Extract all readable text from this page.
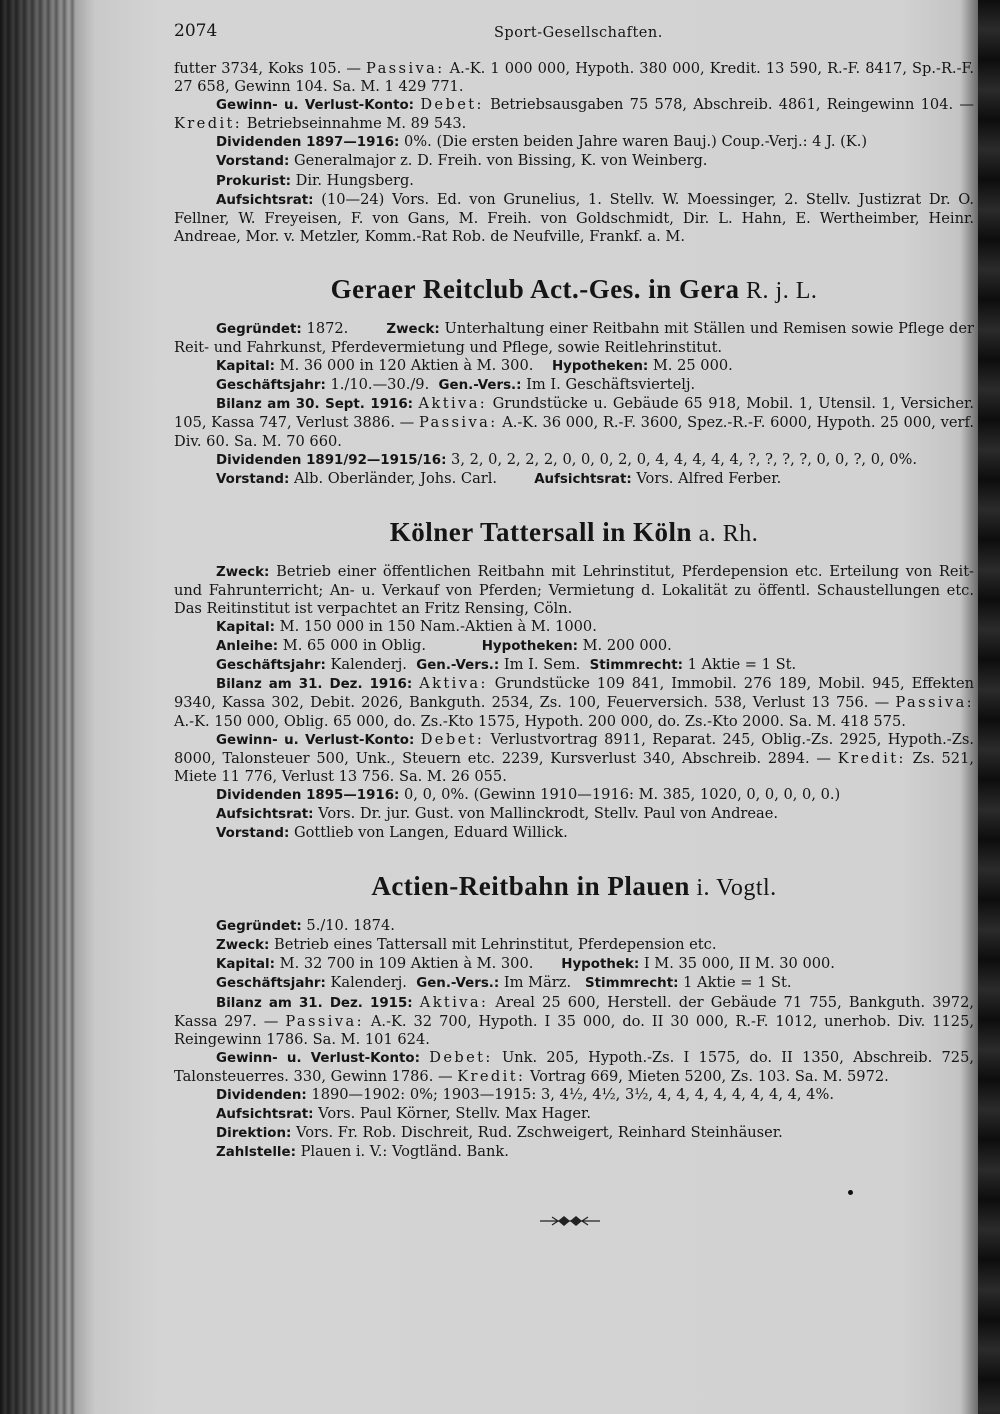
2074	Sport-Gesellschaften.

futter 3734, Koks 105. — Passiva: A.-K. 1 000 000, Hypoth. 380 000, Kredit. 13 590, R.-F. 8417, Sp.-R.-F. 27 658, Gewinn 104. Sa. M. 1 429 771.

Gewinn- u. Verlust-Konto: Debet: Betriebsausgaben 75 578, Abschreib. 4861, Reingewinn 104. — Kredit: Betriebseinnahme M. 89 543.

Dividenden 1897—1916: 0%. (Die ersten beiden Jahre waren Bauj.) Coup.-Verj.: 4 J. (K.)

Vorstand: Generalmajor z. D. Freih. von Bissing, K. von Weinberg.

Prokurist: Dir. Hungsberg.

Aufsichtsrat: (10—24) Vors. Ed. von Grunelius, 1. Stellv. W. Moessinger, 2. Stellv. Justizrat Dr. O. Fellner, W. Freyeisen, F. von Gans, M. Freih. von Goldschmidt, Dir. L. Hahn, E. Wertheimber, Heinr. Andreae, Mor. v. Metzler, Komm.-Rat Rob. de Neufville, Frankf. a. M.

Geraer Reitclub Act.-Ges. in Gera R. j. L.

Gegründet: 1872.	Zweck: Unterhaltung einer Reitbahn mit Ställen und Remisen sowie Pflege der Reit- und Fahrkunst, Pferdevermietung und Pflege, sowie Reitlehrinstitut.

Kapital: M. 36 000 in 120 Aktien à M. 300. Hypotheken: M. 25 000.

Geschäftsjahr: 1./10.—30./9. Gen.-Vers.: Im I. Geschäftsviertelj.

Bilanz am 30. Sept. 1916: Aktiva: Grundstücke u. Gebäude 65 918, Mobil. 1, Utensil. 1, Versicher. 105, Kassa 747, Verlust 3886. — Passiva: A.-K. 36 000, R.-F. 3600, Spez.-R.-F. 6000, Hypoth. 25 000, verf. Div. 60. Sa. M. 70 660.

Dividenden 1891/92—1915/16: 3, 2, 0, 2, 2, 2, 0, 0, 0, 2, 0, 4, 4, 4, 4, 4, ?, ?, ?, ?, 0, 0, ?, 0, 0%.

Vorstand: Alb. Oberländer, Johs. Carl.	Aufsichtsrat: Vors. Alfred Ferber.

Kölner Tattersall in Köln a. Rh.

Zweck: Betrieb einer öffentlichen Reitbahn mit Lehrinstitut, Pferdepension etc. Erteilung von Reit- und Fahrunterricht; An- u. Verkauf von Pferden; Vermietung d. Lokalität zu öffentl. Schaustellungen etc. Das Reitinstitut ist verpachtet an Fritz Rensing, Cöln.

Kapital: M. 150 000 in 150 Nam.-Aktien à M. 1000.

Anleihe: M. 65 000 in Oblig.	Hypotheken: M. 200 000.

Geschäftsjahr: Kalenderj. Gen.-Vers.: Im I. Sem. Stimmrecht: 1 Aktie = 1 St.

Bilanz am 31. Dez. 1916: Aktiva: Grundstücke 109 841, Immobil. 276 189, Mobil. 945, Effekten 9340, Kassa 302, Debit. 2026, Bankguth. 2534, Zs. 100, Feuerversich. 538, Verlust 13 756. — Passiva: A.-K. 150 000, Oblig. 65 000, do. Zs.-Kto 1575, Hypoth. 200 000, do. Zs.-Kto 2000. Sa. M. 418 575.

Gewinn- u. Verlust-Konto: Debet: Verlustvortrag 8911, Reparat. 245, Oblig.-Zs. 2925, Hypoth.-Zs. 8000, Talonsteuer 500, Unk., Steuern etc. 2239, Kursverlust 340, Abschreib. 2894. — Kredit: Zs. 521, Miete 11 776, Verlust 13 756. Sa. M. 26 055.

Dividenden 1895—1916: 0, 0, 0%. (Gewinn 1910—1916: M. 385, 1020, 0, 0, 0, 0, 0.)

Aufsichtsrat: Vors. Dr. jur. Gust. von Mallinckrodt, Stellv. Paul von Andreae.

Vorstand: Gottlieb von Langen, Eduard Willick.

Actien-Reitbahn in Plauen i. Vogtl.

Gegründet: 5./10. 1874.

Zweck: Betrieb eines Tattersall mit Lehrinstitut, Pferdepension etc.

Kapital: M. 32 700 in 109 Aktien à M. 300. Hypothek: I M. 35 000, II M. 30 000.

Geschäftsjahr: Kalenderj. Gen.-Vers.: Im März. Stimmrecht: 1 Aktie = 1 St.

Bilanz am 31. Dez. 1915: Aktiva: Areal 25 600, Herstell. der Gebäude 71 755, Bankguth. 3972, Kassa 297. — Passiva: A.-K. 32 700, Hypoth. I 35 000, do. II 30 000, R.-F. 1012, unerhob. Div. 1125, Reingewinn 1786. Sa. M. 101 624.

Gewinn- u. Verlust-Konto: Debet: Unk. 205, Hypoth.-Zs. I 1575, do. II 1350, Abschreib. 725, Talonsteuerres. 330, Gewinn 1786. — Kredit: Vortrag 669, Mieten 5200, Zs. 103. Sa. M. 5972.

Dividenden: 1890—1902: 0%; 1903—1915: 3, 4½, 4½, 3½, 4, 4, 4, 4, 4, 4, 4, 4, 4%.

Aufsichtsrat: Vors. Paul Körner, Stellv. Max Hager.

Direktion: Vors. Fr. Rob. Dischreit, Rud. Zschweigert, Reinhard Steinhäuser.

Zahlstelle: Plauen i. V.: Vogtländ. Bank.
